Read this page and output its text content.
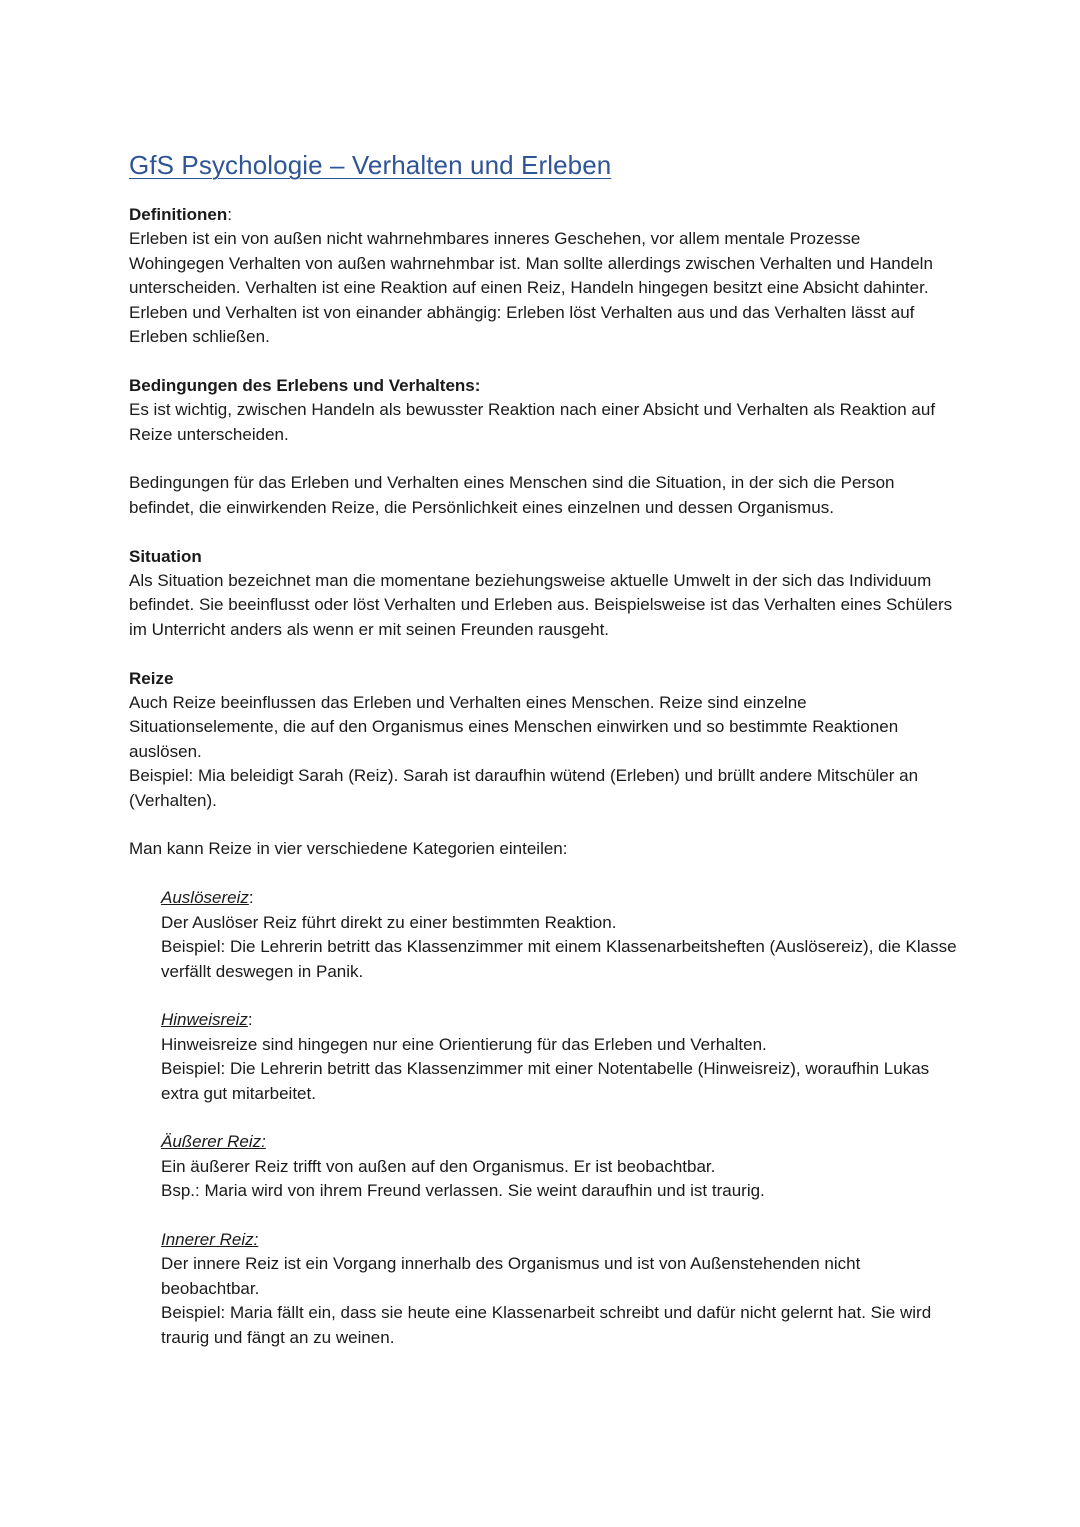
GfS Psychologie – Verhalten und Erleben

Definitionen:

Erleben ist ein von außen nicht wahrnehmbares inneres Geschehen, vor allem mentale Prozesse Wohingegen Verhalten von außen wahrnehmbar ist. Man sollte allerdings zwischen Verhalten und Handeln unterscheiden. Verhalten ist eine Reaktion auf einen Reiz, Handeln hingegen besitzt eine Absicht dahinter.

Erleben und Verhalten ist von einander abhängig: Erleben löst Verhalten aus und das Verhalten lässt auf Erleben schließen.

Bedingungen des Erlebens und Verhaltens:

Es ist wichtig, zwischen Handeln als bewusster Reaktion nach einer Absicht und Verhalten als Reaktion auf Reize unterscheiden.

Bedingungen für das Erleben und Verhalten eines Menschen sind die Situation, in der sich die Person befindet, die einwirkenden Reize, die Persönlichkeit eines einzelnen und dessen Organismus.

Situation

Als Situation bezeichnet man die momentane beziehungsweise aktuelle Umwelt in der sich das Individuum befindet. Sie beeinflusst oder löst Verhalten und Erleben aus. Beispielsweise ist das Verhalten eines Schülers im Unterricht anders als wenn er mit seinen Freunden rausgeht.

Reize

Auch Reize beeinflussen das Erleben und Verhalten eines Menschen. Reize sind einzelne Situationselemente, die auf den Organismus eines Menschen einwirken und so bestimmte Reaktionen auslösen.

Beispiel: Mia beleidigt Sarah (Reiz). Sarah ist daraufhin wütend (Erleben) und brüllt andere Mitschüler an (Verhalten).

Man kann Reize in vier verschiedene Kategorien einteilen:

Auslösereiz:

Der Auslöser Reiz führt direkt zu einer bestimmten Reaktion.

Beispiel: Die Lehrerin betritt das Klassenzimmer mit einem Klassenarbeitsheften (Auslösereiz), die Klasse verfällt deswegen in Panik.

Hinweisreiz:

Hinweisreize sind hingegen nur eine Orientierung für das Erleben und Verhalten.

Beispiel: Die Lehrerin betritt das Klassenzimmer mit einer Notentabelle (Hinweisreiz), woraufhin Lukas extra gut mitarbeitet.

Äußerer Reiz:

Ein äußerer Reiz trifft von außen auf den Organismus. Er ist beobachtbar.

Bsp.: Maria wird von ihrem Freund verlassen. Sie weint daraufhin und ist traurig.

Innerer Reiz:

Der innere Reiz ist ein Vorgang innerhalb des Organismus und ist von Außenstehenden nicht beobachtbar.

Beispiel: Maria fällt ein, dass sie heute eine Klassenarbeit schreibt und dafür nicht gelernt hat. Sie wird traurig und fängt an zu weinen.
